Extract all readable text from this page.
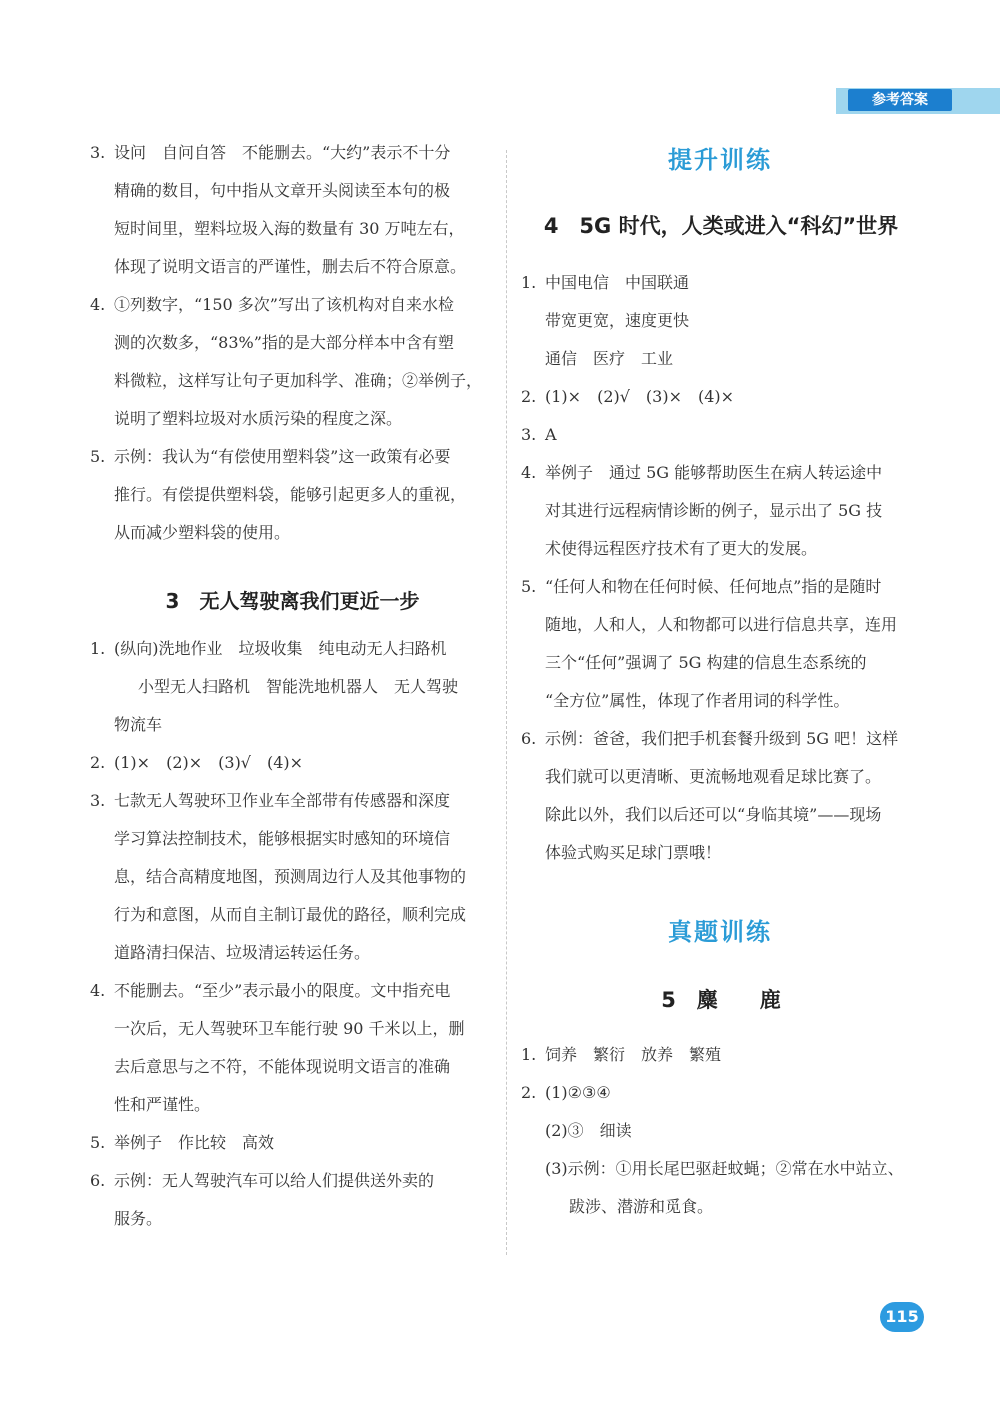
参考答案
3. 设问　自问自答　不能删去。“大约”表示不十分
精确的数目，句中指从文章开头阅读至本句的极
短时间里，塑料垃圾入海的数量有 30 万吨左右，
体现了说明文语言的严谨性，删去后不符合原意。
4. ①列数字，“150 多次”写出了该机构对自来水检
测的次数多，“83%”指的是大部分样本中含有塑
料微粒，这样写让句子更加科学、准确；②举例子，
说明了塑料垃圾对水质污染的程度之深。
5. 示例：我认为“有偿使用塑料袋”这一政策有必要
推行。有偿提供塑料袋，能够引起更多人的重视，
从而减少塑料袋的使用。
3　无人驾驶离我们更近一步
1. (纵向)洗地作业　垃圾收集　纯电动无人扫路机
小型无人扫路机　智能洗地机器人　无人驾驶
物流车
2. (1)×　(2)×　(3)√　(4)×
3. 七款无人驾驶环卫作业车全部带有传感器和深度
学习算法控制技术，能够根据实时感知的环境信
息，结合高精度地图，预测周边行人及其他事物的
行为和意图，从而自主制订最优的路径，顺利完成
道路清扫保洁、垃圾清运转运任务。
4. 不能删去。“至少”表示最小的限度。文中指充电
一次后，无人驾驶环卫车能行驶 90 千米以上，删
去后意思与之不符，不能体现说明文语言的准确
性和严谨性。
5. 举例子　作比较　高效
6. 示例：无人驾驶汽车可以给人们提供送外卖的
服务。
提升训练
4　5G 时代，人类或进入“科幻”世界
1. 中国电信　中国联通
带宽更宽，速度更快
通信　医疗　工业
2. (1)×　(2)√　(3)×　(4)×
3. A
4. 举例子　通过 5G 能够帮助医生在病人转运途中
对其进行远程病情诊断的例子，显示出了 5G 技
术使得远程医疗技术有了更大的发展。
5. “任何人和物在任何时候、任何地点”指的是随时
随地，人和人，人和物都可以进行信息共享，连用
三个“任何”强调了 5G 构建的信息生态系统的
“全方位”属性，体现了作者用词的科学性。
6. 示例：爸爸，我们把手机套餐升级到 5G 吧！这样
我们就可以更清晰、更流畅地观看足球比赛了。
除此以外，我们以后还可以“身临其境”——现场
体验式购买足球门票哦！
真题训练
5　麋　　鹿
1. 饲养　繁衍　放养　繁殖
2. (1)②③④
(2)③　细读
(3)示例：①用长尾巴驱赶蚊蝇；②常在水中站立、
跋涉、潜游和觅食。
115
